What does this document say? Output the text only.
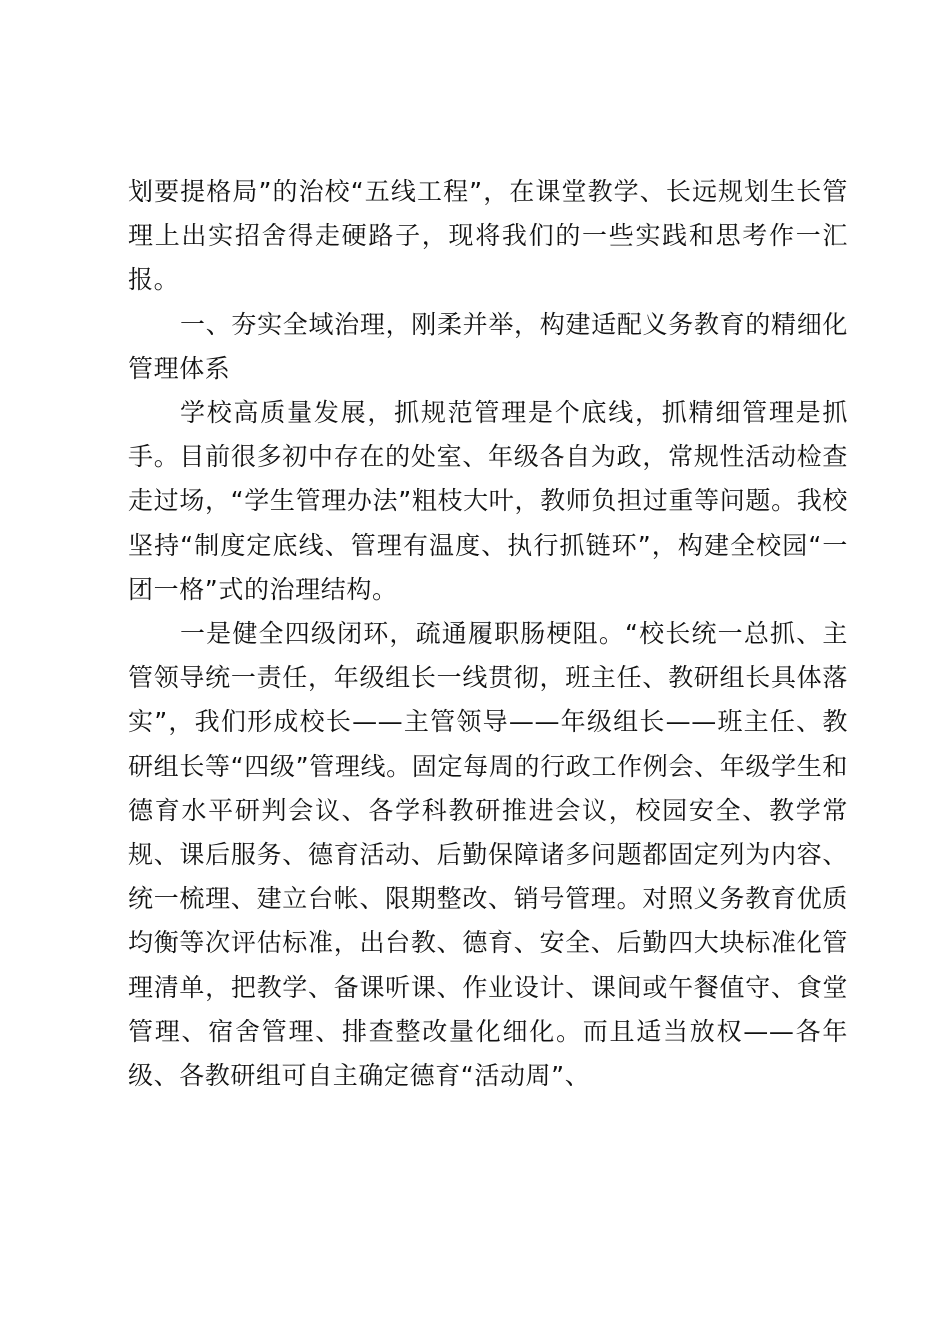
划要提格局”的治校“五线工程”，在课堂教学、长远规划生长管理上出实招舍得走硬路子，现将我们的一些实践和思考作一汇报。

一、夯实全域治理，刚柔并举，构建适配义务教育的精细化管理体系

学校高质量发展，抓规范管理是个底线，抓精细管理是抓手。目前很多初中存在的处室、年级各自为政，常规性活动检查走过场，“学生管理办法”粗枝大叶，教师负担过重等问题。我校坚持“制度定底线、管理有温度、执行抓链环”，构建全校园“一团一格”式的治理结构。

一是健全四级闭环，疏通履职肠梗阻。“校长统一总抓、主管领导统一责任，年级组长一线贯彻，班主任、教研组长具体落实”，我们形成校长——主管领导——年级组长——班主任、教研组长等“四级”管理线。固定每周的行政工作例会、年级学生和德育水平研判会议、各学科教研推进会议，校园安全、教学常规、课后服务、德育活动、后勤保障诸多问题都固定列为内容、统一梳理、建立台帐、限期整改、销号管理。对照义务教育优质均衡等次评估标准，出台教、德育、安全、后勤四大块标准化管理清单，把教学、备课听课、作业设计、课间或午餐值守、食堂管理、宿舍管理、排查整改量化细化。而且适当放权——各年级、各教研组可自主确定德育“活动周”、
